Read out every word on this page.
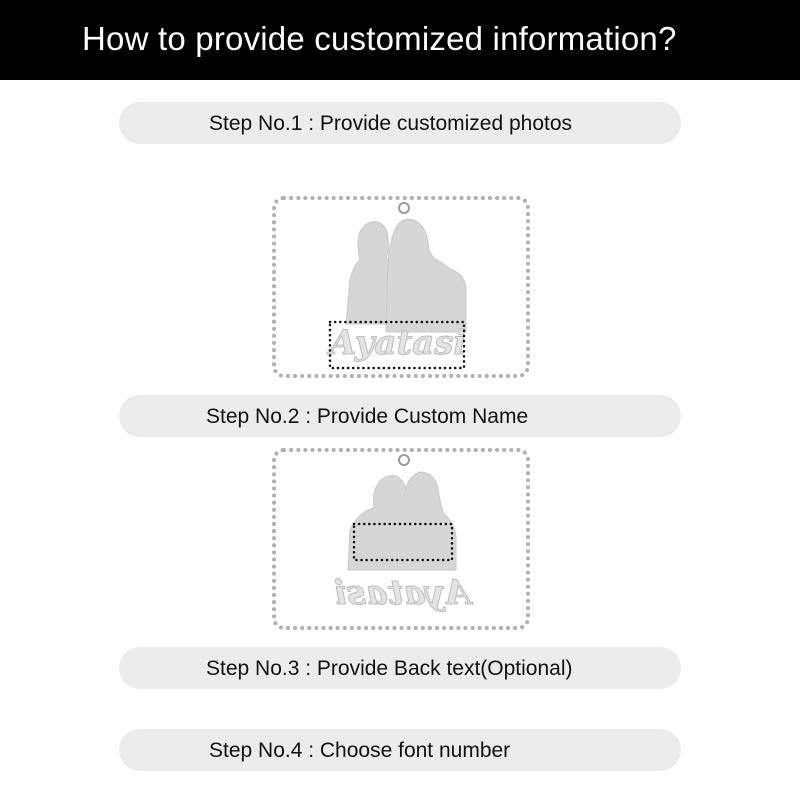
How to provide customized information?
Step No.1 : Provide customized photos
Ayatasi
Step No.2 : Provide Custom Name
Ayatasi
Step No.3 : Provide Back text(Optional)
Step No.4 : Choose font number
